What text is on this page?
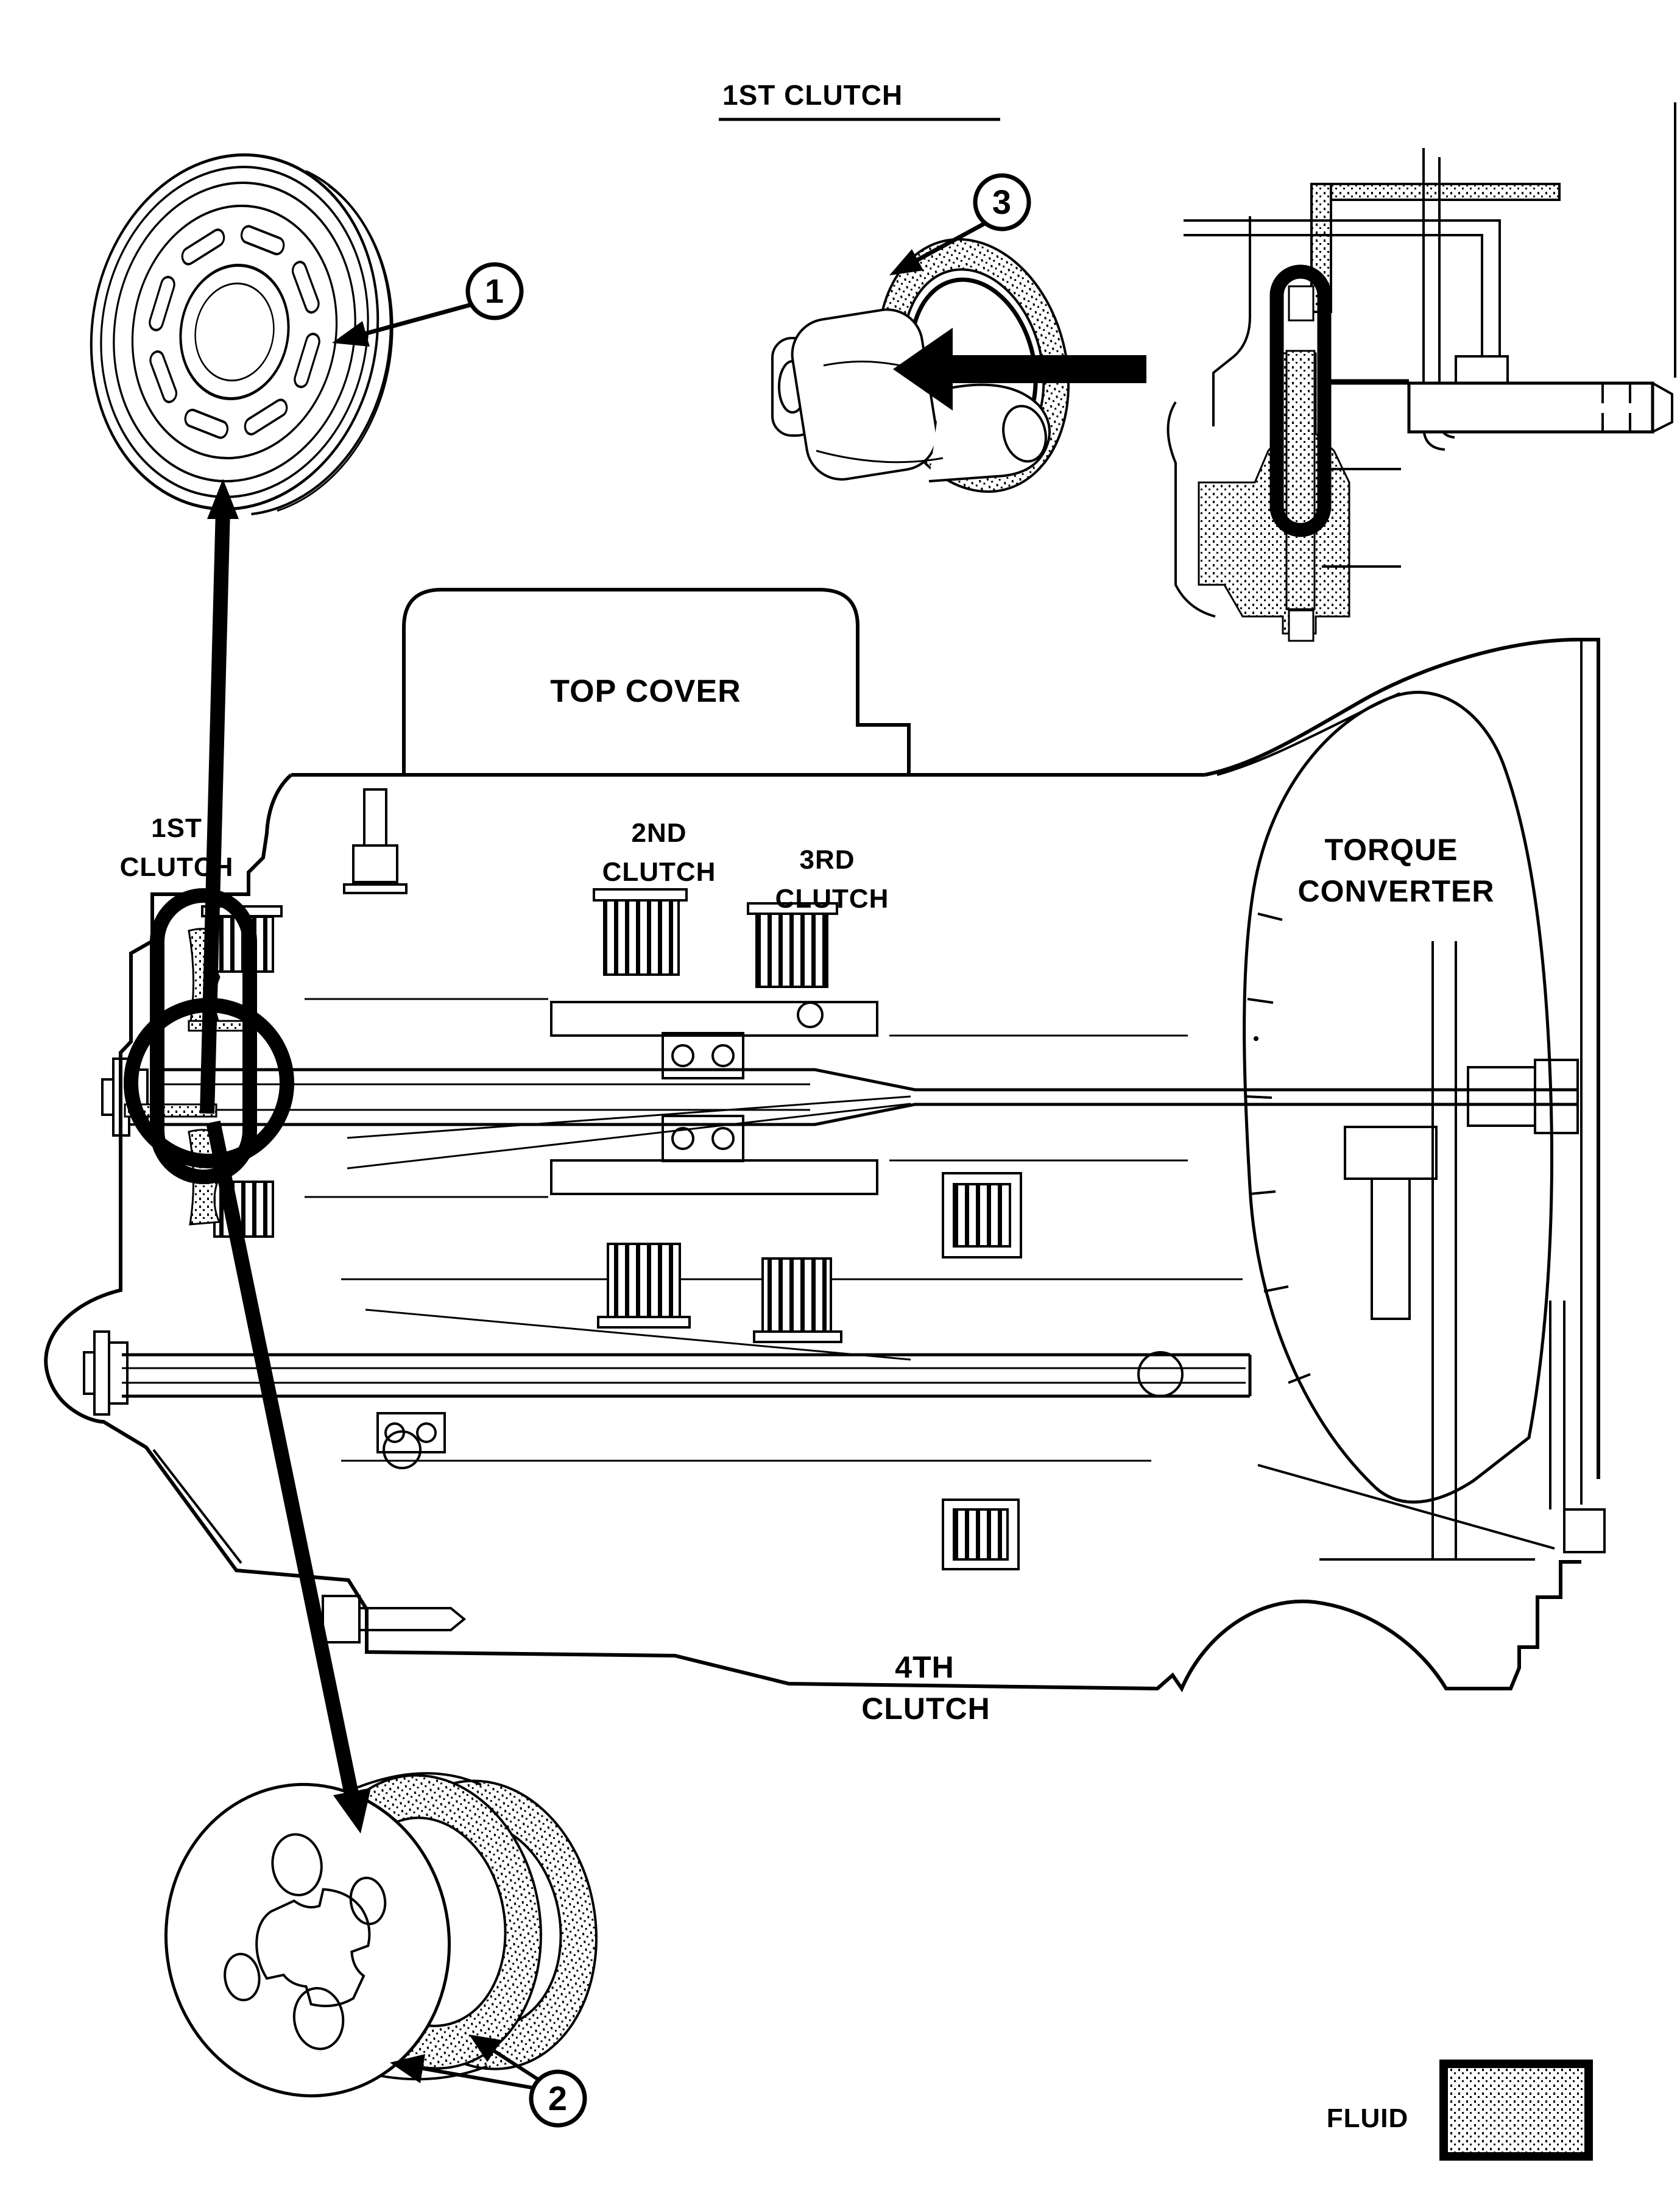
1ST CLUTCH
1
3
2
TOP COVER
1ST
CLUTCH
2ND
CLUTCH	3RD
CLUTCH
TORQUE
CONVERTER
4TH
CLUTCH
FLUID
